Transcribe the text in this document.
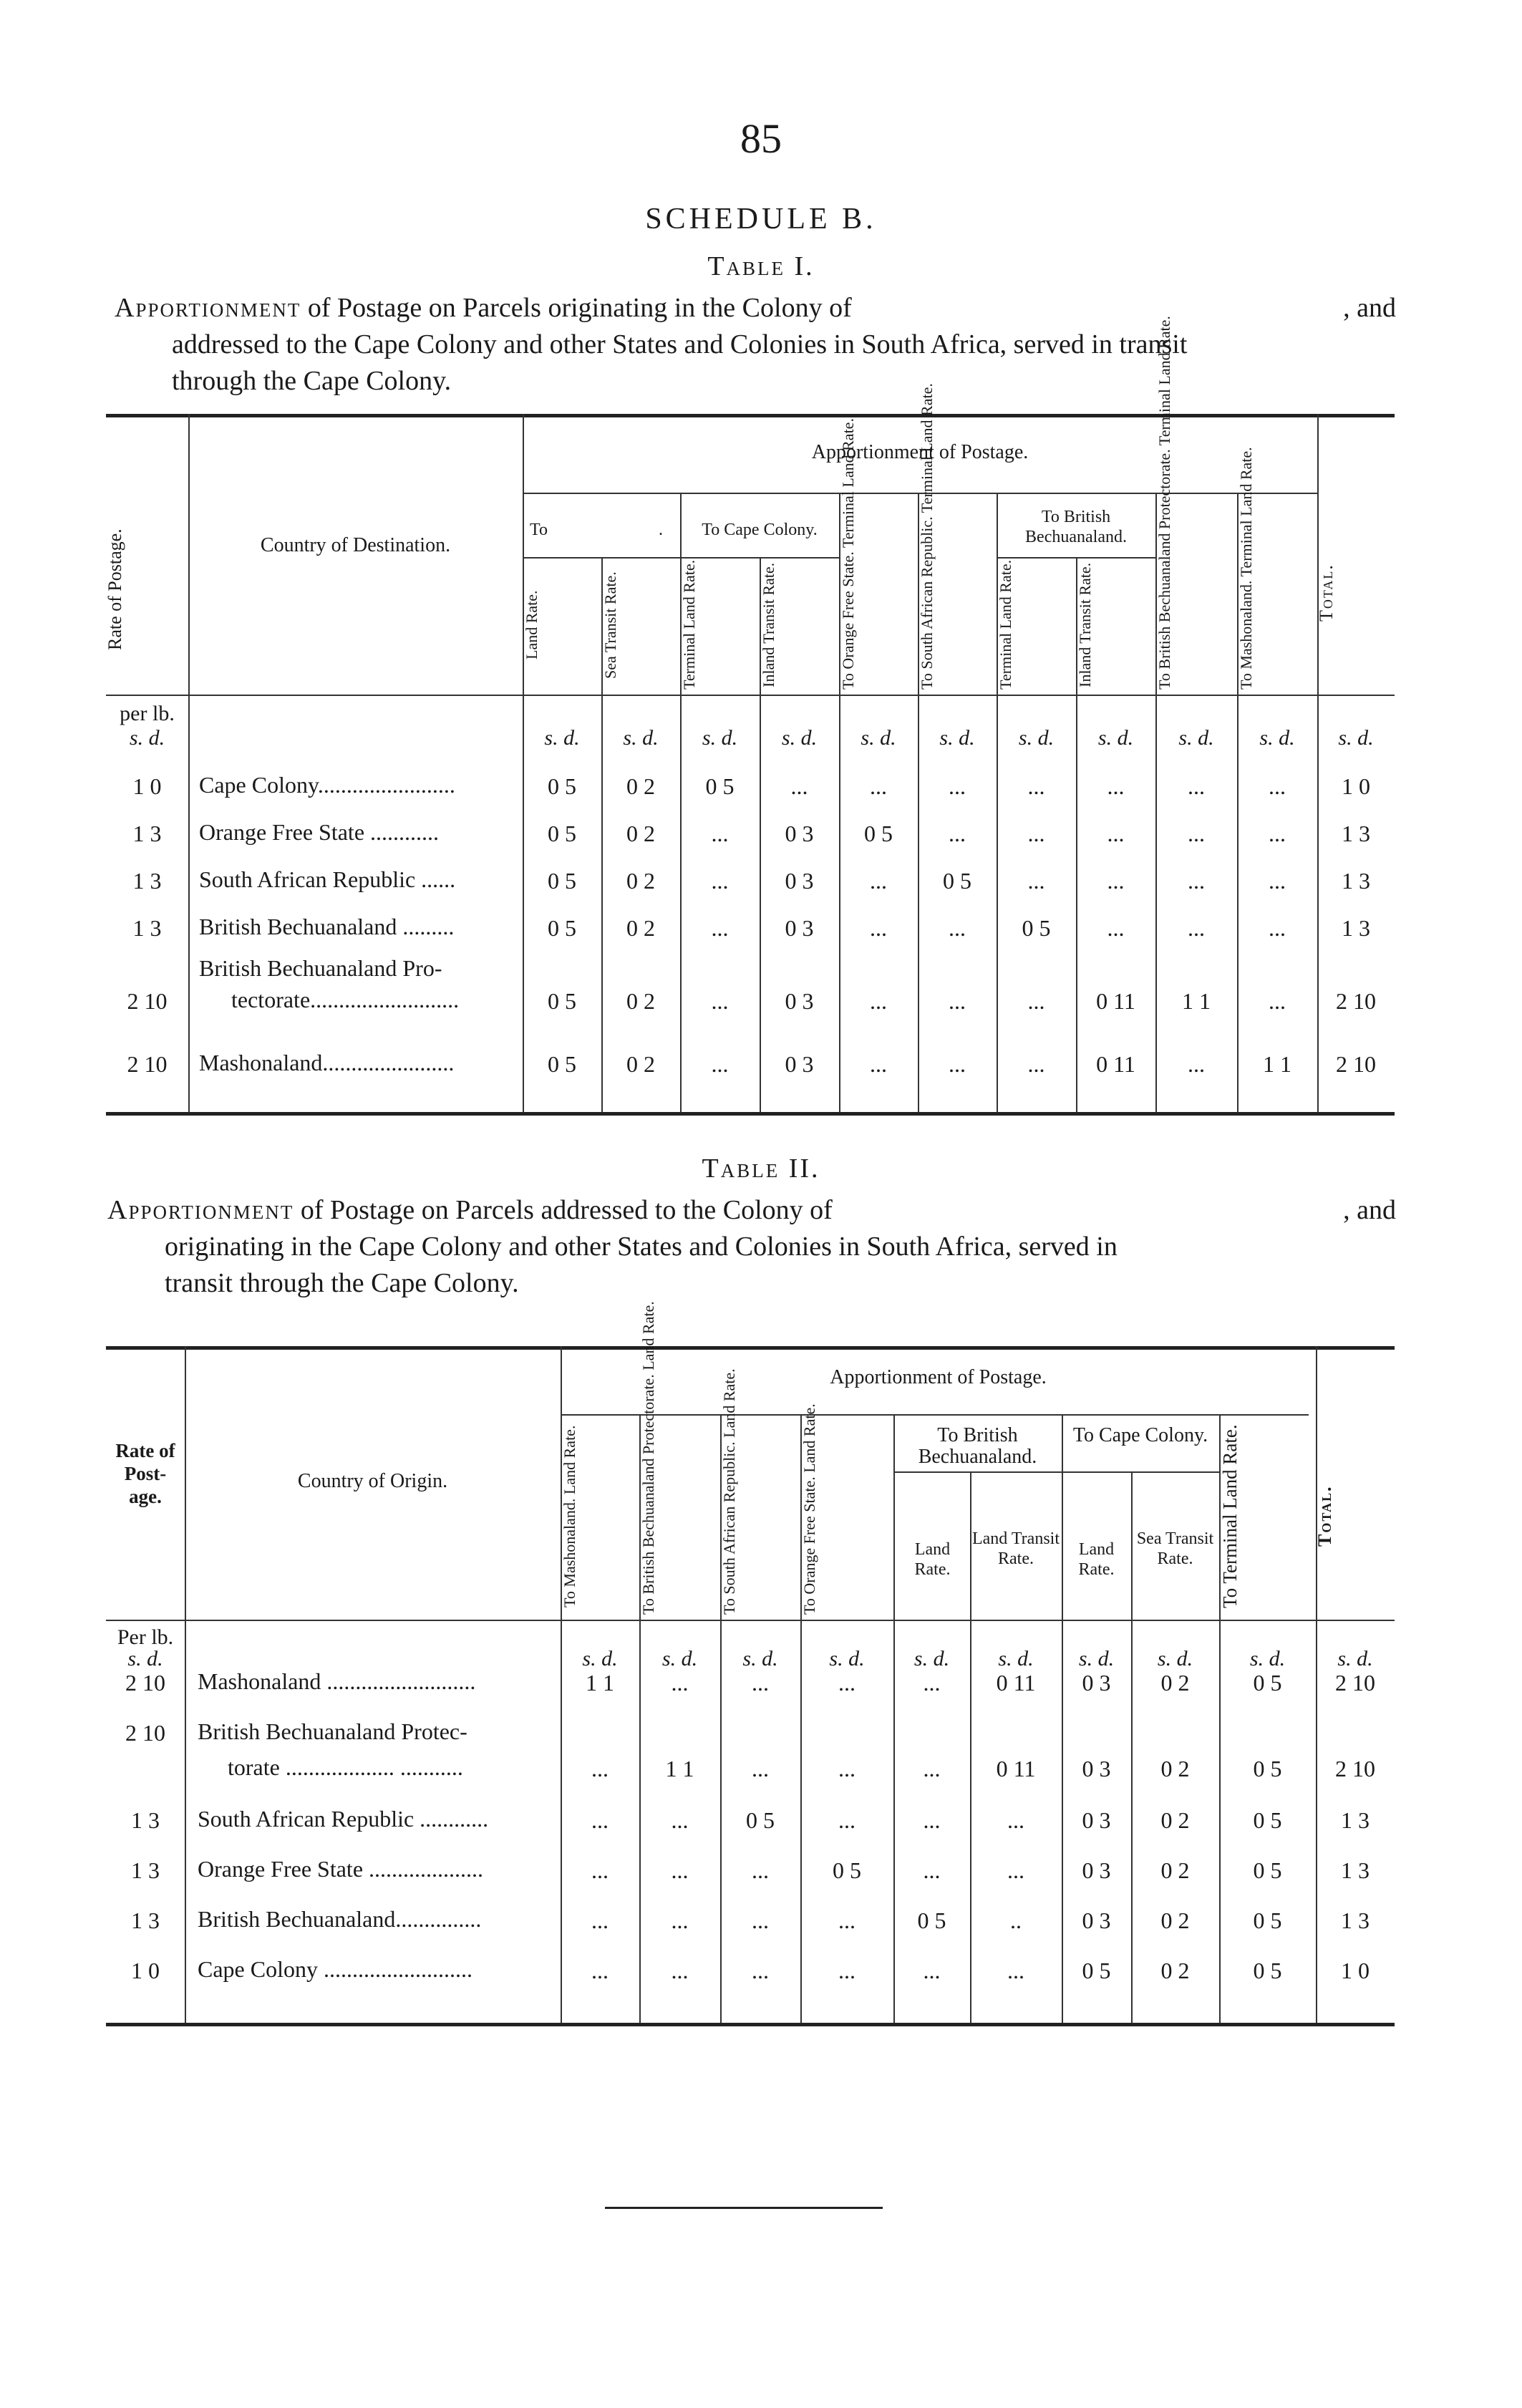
85
SCHEDULE B.
Table I.
Apportionment of Postage on Parcels originating in the Colony of	, and
addressed to the Cape Colony and other States and Colonies in South Africa, served in transit
through the Cape Colony.
Rate of Postage.	Country of Destination.
Apportionment of Postage.
To	.	To Cape Colony.
To British Bechuanaland.
Land Rate.	Sea Transit Rate.	Terminal Land Rate.	Inland Transit Rate.	To Orange Free State. Terminal Land Rate.	To South African Republic. Terminal Land Rate.	Terminal Land Rate.	Inland Transit Rate.	To British Bechuanaland Protectorate. Terminal Land Rate.	To Mashonaland. Terminal Land Rate.	Total.
per lb.
s. d.	s. d.	s. d.	s. d.	s. d.	s. d.	s. d.	s. d.	s. d.	s. d.	s. d.	s. d.
1 0	Cape Colony........................	0 5	0 2	0 5	...	...	...	...	...	...	...	1 0
1 3	Orange Free State ............	0 5	0 2	...	0 3	0 5	...	...	...	...	...	1 3
1 3	South African Republic ......	0 5	0 2	...	0 3	...	0 5	...	...	...	...	1 3
1 3	British Bechuanaland .........	0 5	0 2	...	0 3	...	...	0 5	...	...	...	1 3
2 10
British Bechuanaland Pro-
tectorate..........................	0 5	0 2	...	0 3	...	...	...	0 11	1 1	...	2 10
2 10	Mashonaland.......................	0 5	0 2	...	0 3	...	...	...	0 11	...	1 1	2 10
Table II.
Apportionment of Postage on Parcels addressed to the Colony of	, and
originating in the Cape Colony and other States and Colonies in South Africa, served in
transit through the Cape Colony.
Rate of Post- age.
Country of Origin.
Apportionment of Postage.
To Mashonaland. Land Rate.	To British Bechuanaland Protectorate. Land Rate.	To South African Republic. Land Rate.	To Orange Free State. Land Rate.	To British Bechuanaland.
To Cape Colony.
Land Rate.
Land Transit Rate.	Land Rate.
Sea Transit Rate.	To Terminal Land Rate.	Total.
Per lb.
s. d.	s. d.	s. d.	s. d.	s. d.	s. d.	s. d.	s. d.	s. d.	s. d.	s. d.
2 10	Mashonaland ..........................	1 1	...	...	...	...	0 11	0 3	0 2	0 5	2 10
2 10	British Bechuanaland Protec-
torate ................... ...........	...	1 1	...	...	...	0 11	0 3	0 2	0 5	2 10
1 3	South African Republic ............	...	...	0 5	...	...	...	0 3	0 2	0 5	1 3
1 3	Orange Free State ....................	...	...	...	0 5	...	...	0 3	0 2	0 5	1 3
1 3	British Bechuanaland...............	...	...	...	...	0 5	..	0 3	0 2	0 5	1 3
1 0	Cape Colony ..........................	...	...	...	...	...	...	0 5	0 2	0 5	1 0
